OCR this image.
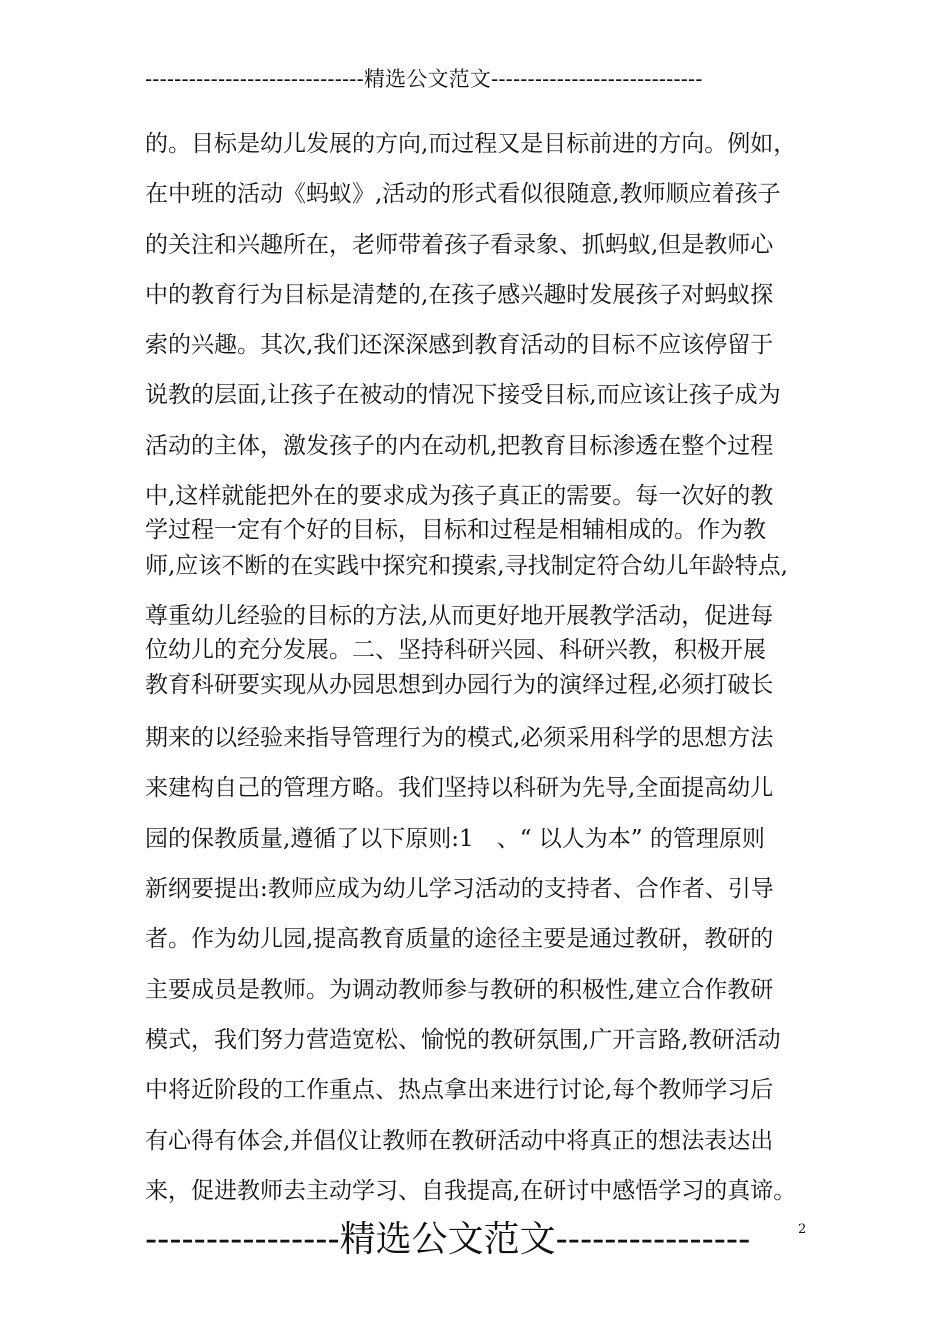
------------------------------精选公文范文-----------------------------
的。目标是幼儿发展的方向,而过程又是目标前进的方向。例如，
在中班的活动《蚂蚁》,活动的形式看似很随意,教师顺应着孩子
的关注和兴趣所在，老师带着孩子看录象、抓蚂蚁,但是教师心
中的教育行为目标是清楚的,在孩子感兴趣时发展孩子对蚂蚁探
索的兴趣。其次,我们还深深感到教育活动的目标不应该停留于
说教的层面,让孩子在被动的情况下接受目标,而应该让孩子成为
活动的主体，激发孩子的内在动机,把教育目标渗透在整个过程
中,这样就能把外在的要求成为孩子真正的需要。每一次好的教
学过程一定有个好的目标，目标和过程是相辅相成的。作为教
师,应该不断的在实践中探究和摸索,寻找制定符合幼儿年龄特点,
尊重幼儿经验的目标的方法,从而更好地开展教学活动，促进每
位幼儿的充分发展。二、坚持科研兴园、科研兴教，积极开展
教育科研要实现从办园思想到办园行为的演绎过程,必须打破长
期来的以经验来指导管理行为的模式,必须采用科学的思想方法
来建构自己的管理方略。我们坚持以科研为先导,全面提高幼儿
园的保教质量,遵循了以下原则:1　、“ 以人为本” 的管理原则
新纲要提出:教师应成为幼儿学习活动的支持者、合作者、引导
者。作为幼儿园,提高教育质量的途径主要是通过教研，教研的
主要成员是教师。为调动教师参与教研的积极性,建立合作教研
模式，我们努力营造宽松、愉悦的教研氛围,广开言路,教研活动
中将近阶段的工作重点、热点拿出来进行讨论,每个教师学习后
有心得有体会,并倡仪让教师在教研活动中将真正的想法表达出
来，促进教师去主动学习、自我提高,在研讨中感悟学习的真谛。
----------------精选公文范文----------------	2
